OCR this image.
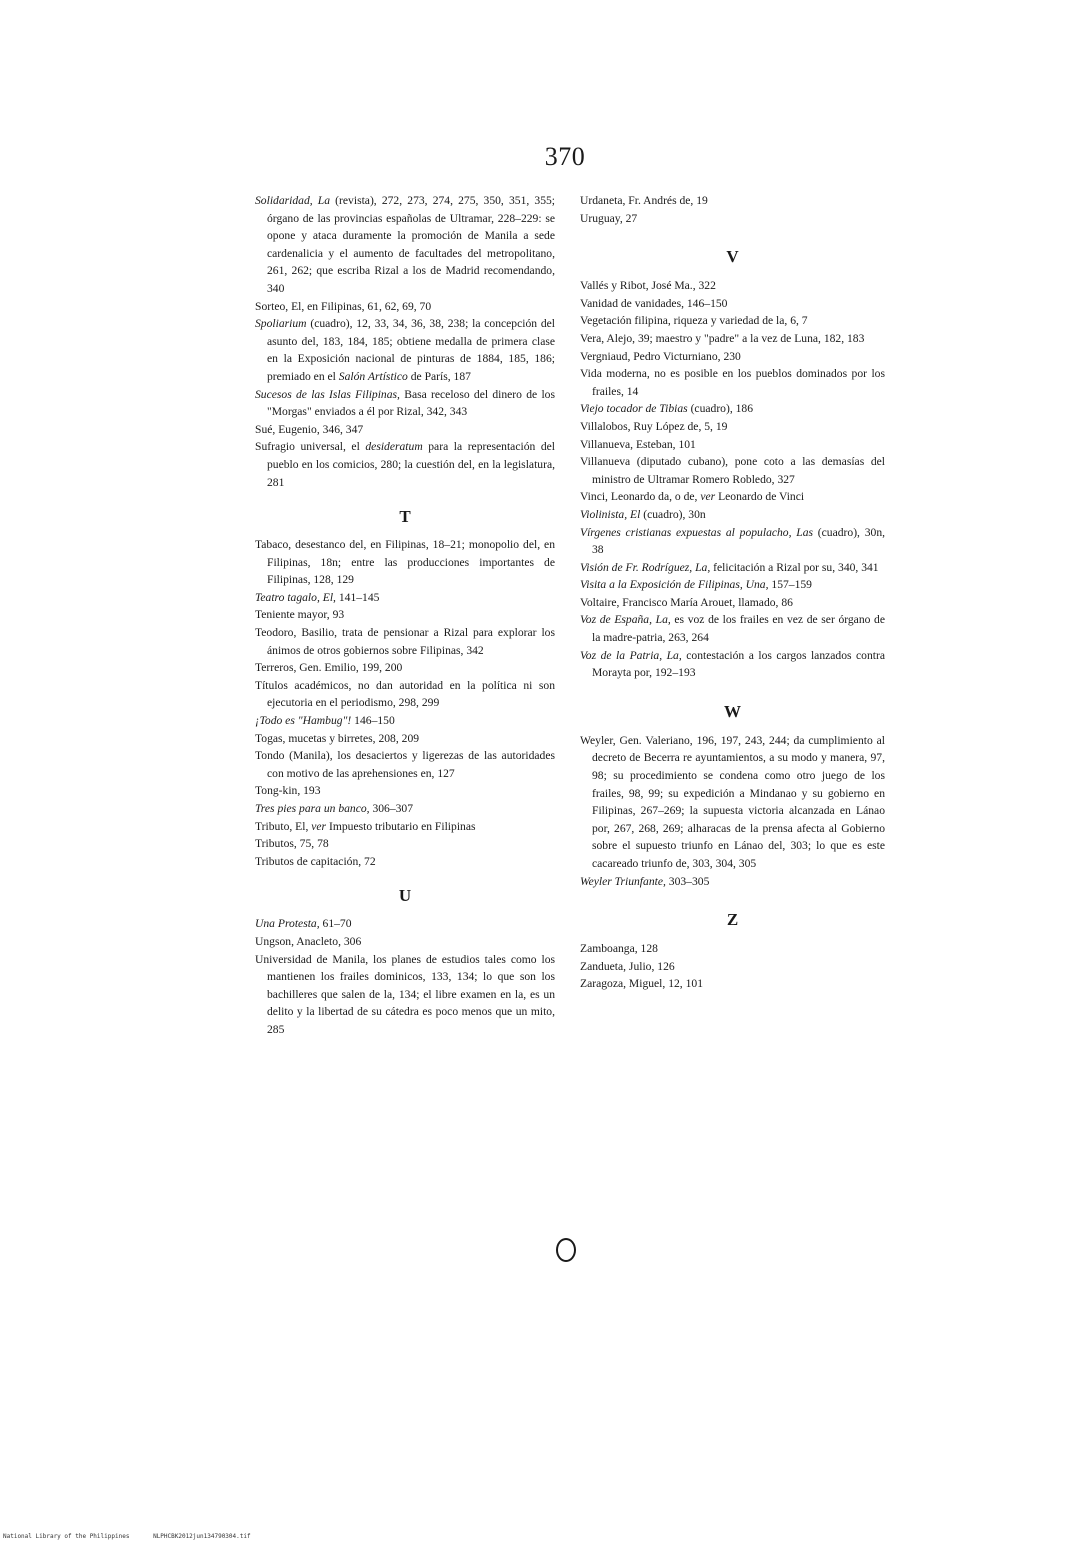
370

Solidaridad, La (revista), 272, 273, 274, 275, 350, 351, 355; órgano de las provincias españolas de Ultramar, 228–229: se opone y ataca duramente la promoción de Manila a sede cardenalicia y el aumento de facultades del metropolitano, 261, 262; que escriba Rizal a los de Madrid recomendando, 340

Sorteo, El, en Filipinas, 61, 62, 69, 70

Spoliarium (cuadro), 12, 33, 34, 36, 38, 238; la concepción del asunto del, 183, 184, 185; obtiene medalla de primera clase en la Exposición nacional de pinturas de 1884, 185, 186; premiado en el Salón Artístico de París, 187

Sucesos de las Islas Filipinas, Basa receloso del dinero de los "Morgas" enviados a él por Rizal, 342, 343

Sué, Eugenio, 346, 347

Sufragio universal, el desideratum para la representación del pueblo en los comicios, 280; la cuestión del, en la legislatura, 281

T

Tabaco, desestanco del, en Filipinas, 18–21; monopolio del, en Filipinas, 18n; entre las producciones importantes de Filipinas, 128, 129

Teatro tagalo, El, 141–145

Teniente mayor, 93

Teodoro, Basilio, trata de pensionar a Rizal para explorar los ánimos de otros gobiernos sobre Filipinas, 342

Terreros, Gen. Emilio, 199, 200

Títulos académicos, no dan autoridad en la política ni son ejecutoria en el periodismo, 298, 299

¡Todo es "Hambug"! 146–150

Togas, mucetas y birretes, 208, 209

Tondo (Manila), los desaciertos y ligerezas de las autoridades con motivo de las aprehensiones en, 127

Tong-kin, 193

Tres pies para un banco, 306–307

Tributo, El, ver Impuesto tributario en Filipinas

Tributos, 75, 78

Tributos de capitación, 72

U

Una Protesta, 61–70

Ungson, Anacleto, 306

Universidad de Manila, los planes de estudios tales como los mantienen los frailes dominicos, 133, 134; lo que son los bachilleres que salen de la, 134; el libre examen en la, es un delito y la libertad de su cátedra es poco menos que un mito, 285

Urdaneta, Fr. Andrés de, 19

Uruguay, 27

V

Vallés y Ribot, José Ma., 322

Vanidad de vanidades, 146–150

Vegetación filipina, riqueza y variedad de la, 6, 7

Vera, Alejo, 39; maestro y "padre" a la vez de Luna, 182, 183

Vergniaud, Pedro Victurniano, 230

Vida moderna, no es posible en los pueblos dominados por los frailes, 14

Viejo tocador de Tibias (cuadro), 186

Villalobos, Ruy López de, 5, 19

Villanueva, Esteban, 101

Villanueva (diputado cubano), pone coto a las demasías del ministro de Ultramar Romero Robledo, 327

Vinci, Leonardo da, o de, ver Leonardo de Vinci

Violinista, El (cuadro), 30n

Vírgenes cristianas expuestas al populacho, Las (cuadro), 30n, 38

Visión de Fr. Rodríguez, La, felicitación a Rizal por su, 340, 341

Visita a la Exposición de Filipinas, Una, 157–159

Voltaire, Francisco María Arouet, llamado, 86

Voz de España, La, es voz de los frailes en vez de ser órgano de la madre-patria, 263, 264

Voz de la Patria, La, contestación a los cargos lanzados contra Morayta por, 192–193

W

Weyler, Gen. Valeriano, 196, 197, 243, 244; da cumplimiento al decreto de Becerra re ayuntamientos, a su modo y manera, 97, 98; su procedimiento se condena como otro juego de los frailes, 98, 99; su expedición a Mindanao y su gobierno en Filipinas, 267–269; la supuesta victoria alcanzada en Lánao por, 267, 268, 269; alharacas de la prensa afecta al Gobierno sobre el supuesto triunfo en Lánao del, 303; lo que es este cacareado triunfo de, 303, 304, 305

Weyler Triunfante, 303–305

Z

Zamboanga, 128

Zandueta, Julio, 126

Zaragoza, Miguel, 12, 101

National Library of the Philippines	NLPHCBK2012jun134790304.tif
